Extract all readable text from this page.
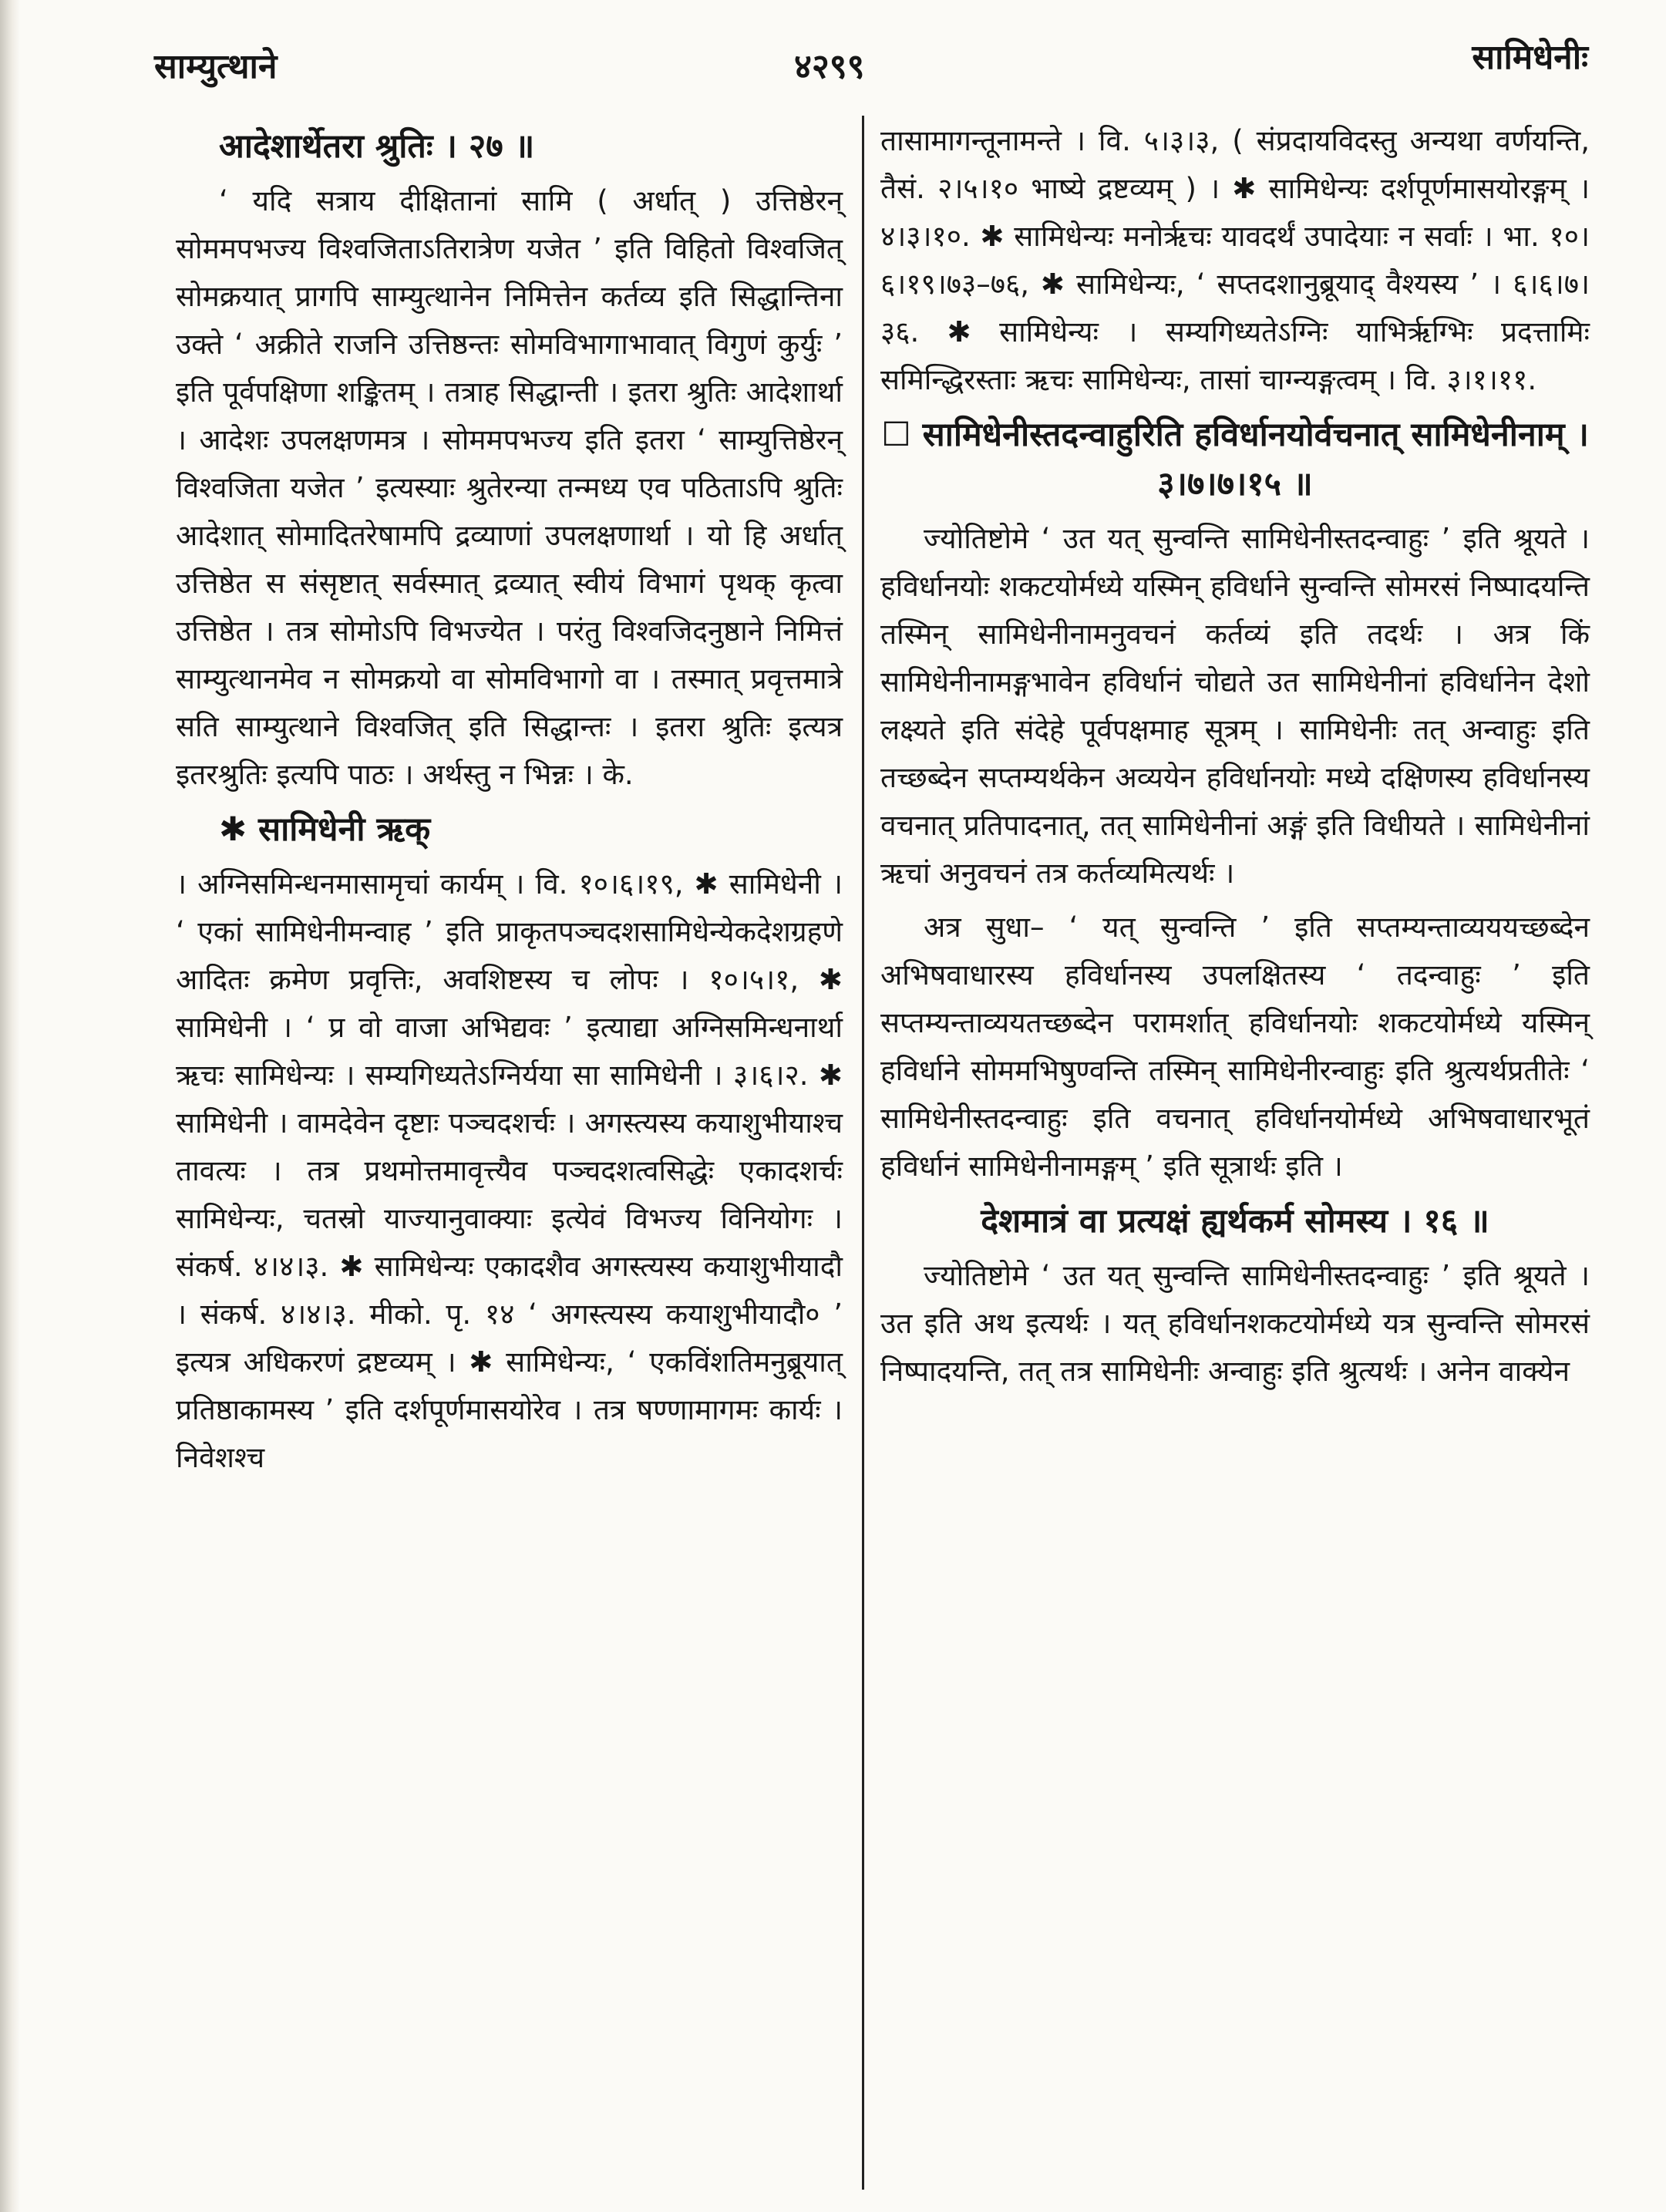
साम्युत्थाने	४२९९	सामिधेनीः
आदेशार्थेतरा श्रुतिः । २७ ॥

‘ यदि सत्राय दीक्षितानां सामि ( अर्धात् ) उत्तिष्ठेरन् सोममपभज्य विश्वजिताऽतिरात्रेण यजेत ’ इति विहितो विश्वजित् सोमक्रयात् प्रागपि साम्युत्थानेन निमित्तेन कर्तव्य इति सिद्धान्तिना उक्ते ‘ अक्रीते राजनि उत्तिष्ठन्तः सोमविभागाभावात् विगुणं कुर्युः ’ इति पूर्वपक्षिणा शङ्कितम् । तत्राह सिद्धान्ती । इतरा श्रुतिः आदेशार्था । आदेशः उपलक्षणमत्र । सोममपभज्य इति इतरा ‘ साम्युत्तिष्ठेरन् विश्वजिता यजेत ’ इत्यस्याः श्रुतेरन्या तन्मध्य एव पठिताऽपि श्रुतिः आदेशात् सोमादितरेषामपि द्रव्याणां उपलक्षणार्था । यो हि अर्धात् उत्तिष्ठेत स संसृष्टात् सर्वस्मात् द्रव्यात् स्वीयं विभागं पृथक् कृत्वा उत्तिष्ठेत । तत्र सोमोऽपि विभज्येत । परंतु विश्वजिदनुष्ठाने निमित्तं साम्युत्थानमेव न सोमक्रयो वा सोमविभागो वा । तस्मात् प्रवृत्तमात्रे सति साम्युत्थाने विश्वजित् इति सिद्धान्तः । इतरा श्रुतिः इत्यत्र इतरश्रुतिः इत्यपि पाठः । अर्थस्तु न भिन्नः । के.

✱ सामिधेनी ऋक्

। अग्निसमिन्धनमासामृचां कार्यम् । वि. १०।६।१९, ✱ सामिधेनी । ‘ एकां सामिधेनीमन्वाह ’ इति प्राकृतपञ्चदशसामिधेन्येकदेशग्रहणे आदितः क्रमेण प्रवृत्तिः, अवशिष्टस्य च लोपः । १०।५।१, ✱ सामिधेनी । ‘ प्र वो वाजा अभिद्यवः ’ इत्याद्या अग्निसमिन्धनार्था ऋचः सामिधेन्यः । सम्यगिध्यतेऽग्निर्यया सा सामिधेनी । ३।६।२. ✱ सामिधेनी । वामदेवेन दृष्टाः पञ्चदशर्चः । अगस्त्यस्य कयाशुभीयाश्च तावत्यः । तत्र प्रथमोत्तमावृत्त्यैव पञ्चदशत्वसिद्धेः एकादशर्चः सामिधेन्यः, चतस्रो याज्यानुवाक्याः इत्येवं विभज्य विनियोगः । संकर्ष. ४।४।३. ✱ सामिधेन्यः एकादशैव अगस्त्यस्य कयाशुभीयादौ । संकर्ष. ४।४।३. मीको. पृ. १४ ‘ अगस्त्यस्य कयाशुभीयादौ० ’ इत्यत्र अधिकरणं द्रष्टव्यम् । ✱ सामिधेन्यः, ‘ एकविंशतिमनुब्रूयात् प्रतिष्ठाकामस्य ’ इति दर्शपूर्णमासयोरेव । तत्र षण्णामागमः कार्यः । निवेशश्च

तासामागन्तूनामन्ते । वि. ५।३।३, ( संप्रदायविदस्तु अन्यथा वर्णयन्ति, तैसं. २।५।१० भाष्ये द्रष्टव्यम् ) । ✱ सामिधेन्यः दर्शपूर्णमासयोरङ्गम् । ४।३।१०. ✱ सामिधेन्यः मनोर्ऋचः यावदर्थं उपादेयाः न सर्वाः । भा. १०।६।१९।७३–७६, ✱ सामिधेन्यः, ‘ सप्तदशानुब्रूयाद् वैश्यस्य ’ । ६।६।७।३६. ✱ सामिधेन्यः । सम्यगिध्यतेऽग्निः याभिर्ऋग्भिः प्रदत्तामिः समिन्द्धिरस्ताः ऋचः सामिधेन्यः, तासां चाग्न्यङ्गत्वम् । वि. ३।१।११.

☐ सामिधेनीस्तदन्वाहुरिति हविर्धानयोर्वचनात् सामिधेनीनाम् । ३।७।७।१५ ॥

ज्योतिष्टोमे ‘ उत यत् सुन्वन्ति सामिधेनीस्तदन्वाहुः ’ इति श्रूयते । हविर्धानयोः शकटयोर्मध्ये यस्मिन् हविर्धाने सुन्वन्ति सोमरसं निष्पादयन्ति तस्मिन् सामिधेनीनामनुवचनं कर्तव्यं इति तदर्थः । अत्र किं सामिधेनीनामङ्गभावेन हविर्धानं चोद्यते उत सामिधेनीनां हविर्धानेन देशो लक्ष्यते इति संदेहे पूर्वपक्षमाह सूत्रम् । सामिधेनीः तत् अन्वाहुः इति तच्छब्देन सप्तम्यर्थकेन अव्ययेन हविर्धानयोः मध्ये दक्षिणस्य हविर्धानस्य वचनात् प्रतिपादनात्, तत् सामिधेनीनां अङ्गं इति विधीयते । सामिधेनीनां ऋचां अनुवचनं तत्र कर्तव्यमित्यर्थः ।

अत्र सुधा– ‘ यत् सुन्वन्ति ’ इति सप्तम्यन्ताव्यययच्छब्देन अभिषवाधारस्य हविर्धानस्य उपलक्षितस्य ‘ तदन्वाहुः ’ इति सप्तम्यन्ताव्ययतच्छब्देन परामर्शात् हविर्धानयोः शकटयोर्मध्ये यस्मिन् हविर्धाने सोममभिषुण्वन्ति तस्मिन् सामिधेनीरन्वाहुः इति श्रुत्यर्थप्रतीतेः ‘ सामिधेनीस्तदन्वाहुः इति वचनात् हविर्धानयोर्मध्ये अभिषवाधारभूतं हविर्धानं सामिधेनीनामङ्गम् ’ इति सूत्रार्थः इति ।

देशमात्रं वा प्रत्यक्षं ह्यर्थकर्म सोमस्य । १६ ॥

ज्योतिष्टोमे ‘ उत यत् सुन्वन्ति सामिधेनीस्तदन्वाहुः ’ इति श्रूयते । उत इति अथ इत्यर्थः । यत् हविर्धानशकटयोर्मध्ये यत्र सुन्वन्ति सोमरसं निष्पादयन्ति, तत् तत्र सामिधेनीः अन्वाहुः इति श्रुत्यर्थः । अनेन वाक्येन
